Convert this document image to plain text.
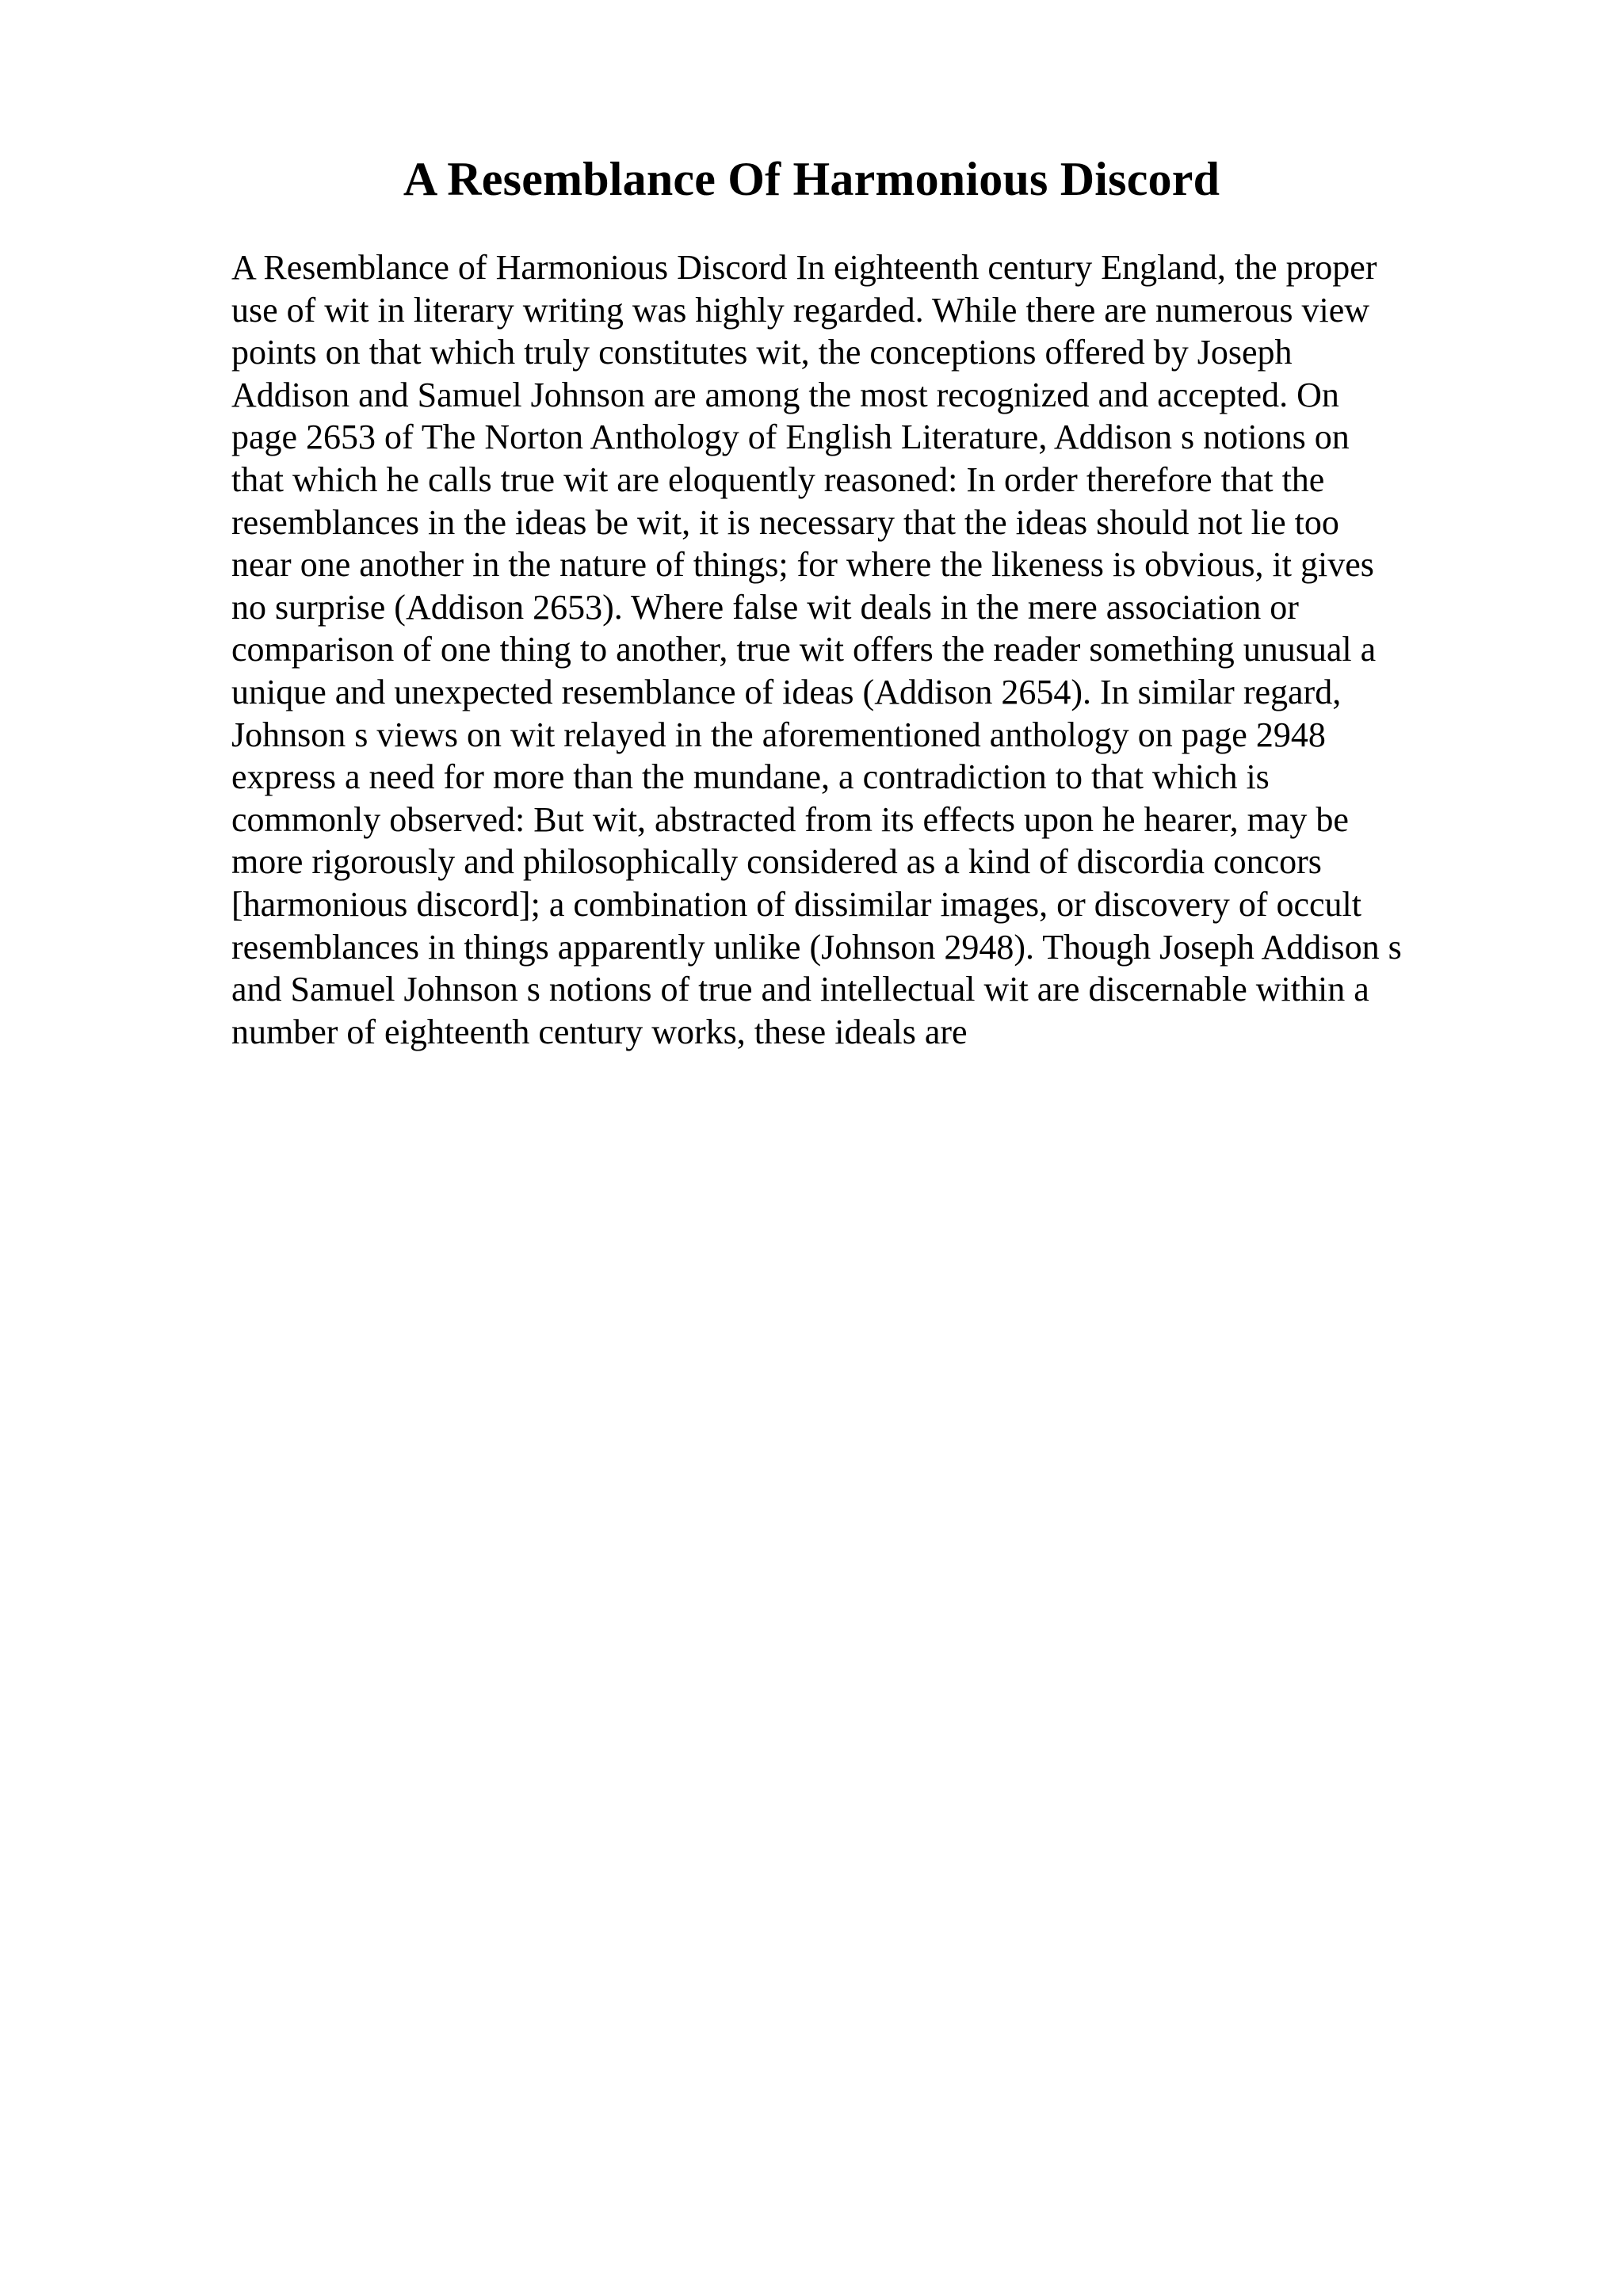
A Resemblance Of Harmonious Discord
A Resemblance of Harmonious Discord In eighteenth century England, the proper
use of wit in literary writing was highly regarded. While there are numerous view
points on that which truly constitutes wit, the conceptions offered by Joseph
Addison and Samuel Johnson are among the most recognized and accepted. On
page 2653 of The Norton Anthology of English Literature, Addison s notions on
that which he calls true wit are eloquently reasoned: In order therefore that the
resemblances in the ideas be wit, it is necessary that the ideas should not lie too
near one another in the nature of things; for where the likeness is obvious, it gives
no surprise (Addison 2653). Where false wit deals in the mere association or
comparison of one thing to another, true wit offers the reader something unusual a
unique and unexpected resemblance of ideas (Addison 2654). In similar regard,
Johnson s views on wit relayed in the aforementioned anthology on page 2948
express a need for more than the mundane, a contradiction to that which is
commonly observed: But wit, abstracted from its effects upon he hearer, may be
more rigorously and philosophically considered as a kind of discordia concors
[harmonious discord]; a combination of dissimilar images, or discovery of occult
resemblances in things apparently unlike (Johnson 2948). Though Joseph Addison s
and Samuel Johnson s notions of true and intellectual wit are discernable within a
number of eighteenth century works, these ideals are
